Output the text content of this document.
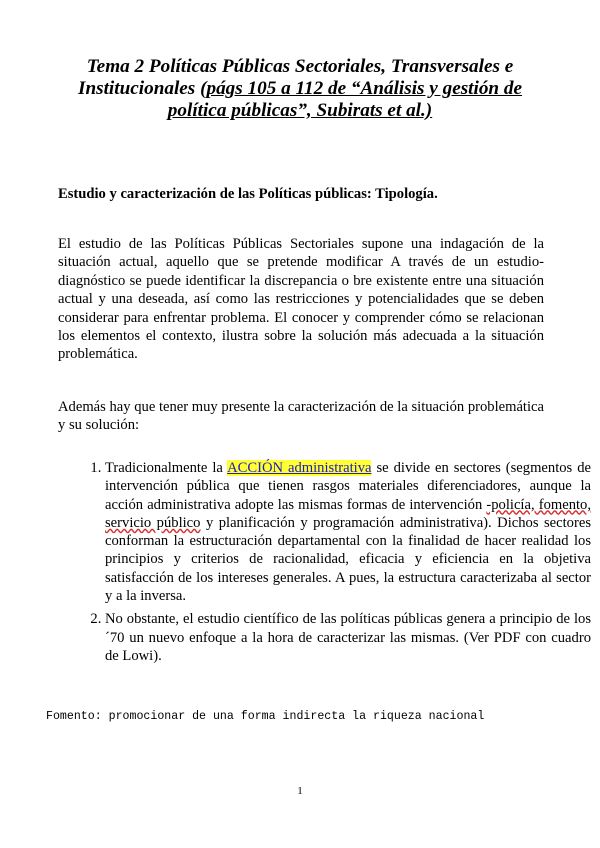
Tema 2 Políticas Públicas Sectoriales, Transversales e Institucionales (págs 105 a 112 de “Análisis y gestión de política públicas”, Subirats et al.)
Estudio y caracterización de las Políticas públicas: Tipología.
El estudio de las Políticas Públicas Sectoriales supone una indagación de la situación actual, aquello que se pretende modificar A través de un estudio-diagnóstico se puede identificar la discrepancia o bre existente entre una situación actual y una deseada, así como las restricciones y potencialidades que se deben considerar para enfrentar problema. El conocer y comprender cómo se relacionan los elementos el contexto, ilustra sobre la solución más adecuada a la situación problemática.
Además hay que tener muy presente la caracterización de la situación problemática y su solución:
1. Tradicionalmente la ACCIÓN administrativa se divide en sectores (segmentos de intervención pública que tienen rasgos materiales diferenciadores, aunque la acción administrativa adopte las mismas formas de intervención -policía, fomento, servicio público y planificación y programación administrativa). Dichos sectores conforman la estructuración departamental con la finalidad de hacer realidad los principios y criterios de racionalidad, eficacia y eficiencia en la objetiva satisfacción de los intereses generales. A pues, la estructura caracterizaba al sector y a la inversa.
2. No obstante, el estudio científico de las políticas públicas genera a principio de los ´70 un nuevo enfoque a la hora de caracterizar las mismas. (Ver PDF con cuadro de Lowi).
Fomento: promocionar de una forma indirecta la riqueza nacional
1
